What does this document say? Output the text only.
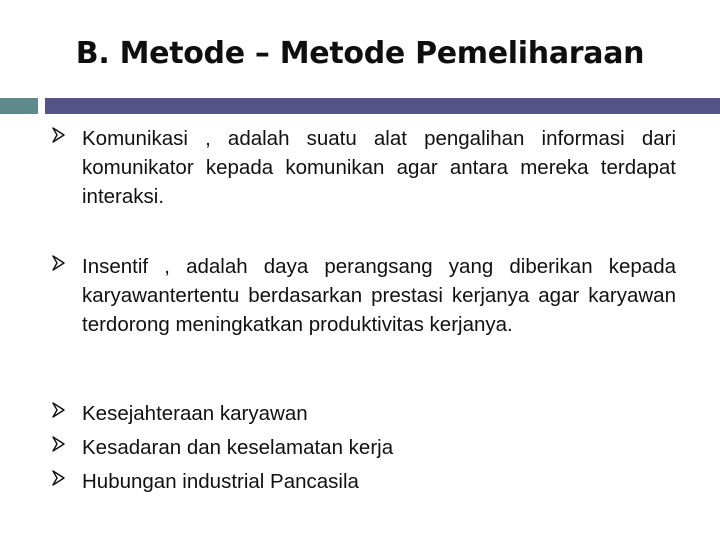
B. Metode – Metode Pemeliharaan
Komunikasi , adalah suatu alat pengalihan informasi dari komunikator kepada komunikan agar antara mereka terdapat interaksi.
Insentif , adalah daya perangsang yang diberikan kepada karyawantertentu berdasarkan prestasi kerjanya agar karyawan terdorong meningkatkan produktivitas kerjanya.
Kesejahteraan karyawan
Kesadaran dan keselamatan kerja
Hubungan industrial Pancasila
